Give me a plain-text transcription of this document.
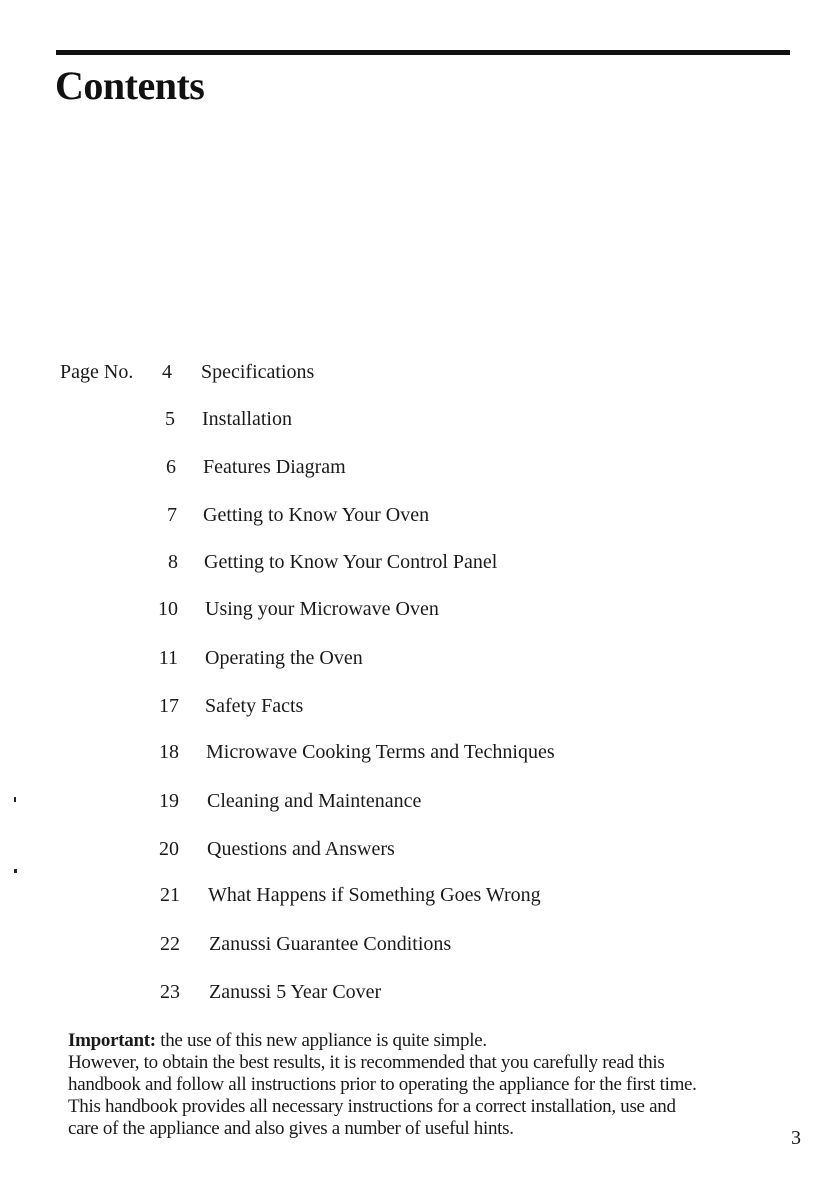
Contents
Page No.	4 Specifications
5 Installation
6 Features Diagram
7 Getting to Know Your Oven
8 Getting to Know Your Control Panel
10 Using your Microwave Oven
11 Operating the Oven
17 Safety Facts
18 Microwave Cooking Terms and Techniques
19 Cleaning and Maintenance
20 Questions and Answers
21 What Happens if Something Goes Wrong
22 Zanussi Guarantee Conditions
23 Zanussi 5 Year Cover

Important: the use of this new appliance is quite simple.

However, to obtain the best results, it is recommended that you carefully read this

handbook and follow all instructions prior to operating the appliance for the first time.

This handbook provides all necessary instructions for a correct installation, use and

care of the appliance and also gives a number of useful hints.	3
